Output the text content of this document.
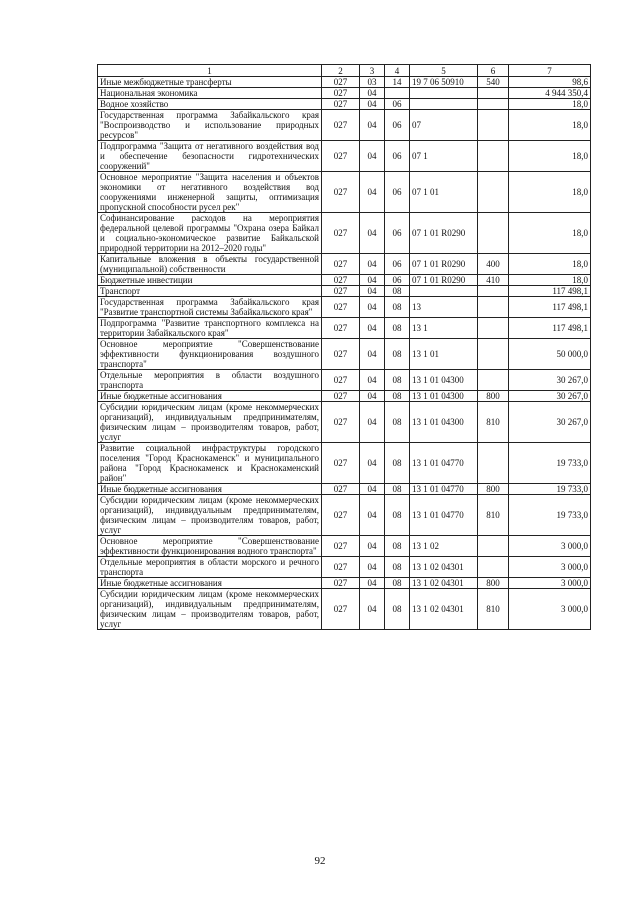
1	2	3	4	5	6	7
Иные межбюджетные трансферты	027	03	14	19 7 06 50910	540	98,6
Национальная экономика	027	04				4 944 350,4
Водное хозяйство	027	04	06			18,0
Государственная программа Забайкальского края "Воспроизводство и использование природных ресурсов"	027	04	06	07		18,0
Подпрограмма "Защита от негативного воздействия вод и обеспечение безопасности гидротехнических сооружений"	027	04	06	07 1		18,0
Основное мероприятие "Защита населения и объектов экономики от негативного воздействия вод сооружениями инженерной защиты, оптимизация пропускной способности русел рек"	027	04	06	07 1 01		18,0
Софинансирование расходов на мероприятия федеральной целевой программы "Охрана озера Байкал и социально-экономическое развитие Байкальской природной территории на 2012–2020 годы"	027	04	06	07 1 01 R0290		18,0
Капитальные вложения в объекты государственной (муниципальной) собственности	027	04	06	07 1 01 R0290	400	18,0
Бюджетные инвестиции	027	04	06	07 1 01 R0290	410	18,0
Транспорт	027	04	08			117 498,1
Государственная программа Забайкальского края "Развитие транспортной системы Забайкальского края"	027	04	08	13		117 498,1
Подпрограмма "Развитие транспортного комплекса на территории Забайкальского края"	027	04	08	13 1		117 498,1
Основное мероприятие "Совершенствование эффективности функционирования воздушного транспорта"	027	04	08	13 1 01		50 000,0
Отдельные мероприятия в области воздушного транспорта	027	04	08	13 1 01 04300		30 267,0
Иные бюджетные ассигнования	027	04	08	13 1 01 04300	800	30 267,0
Субсидии юридическим лицам (кроме некоммерческих организаций), индивидуальным предпринимателям, физическим лицам – производителям товаров, работ, услуг	027	04	08	13 1 01 04300	810	30 267,0
Развитие социальной инфраструктуры городского поселения "Город Краснокаменск" и муниципального района "Город Краснокаменск и Краснокаменский район"	027	04	08	13 1 01 04770		19 733,0
Иные бюджетные ассигнования	027	04	08	13 1 01 04770	800	19 733,0
Субсидии юридическим лицам (кроме некоммерческих организаций), индивидуальным предпринимателям, физическим лицам – производителям товаров, работ, услуг	027	04	08	13 1 01 04770	810	19 733,0
Основное мероприятие "Совершенствование эффективности функционирования водного транспорта"	027	04	08	13 1 02		3 000,0
Отдельные мероприятия в области морского и речного транспорта	027	04	08	13 1 02 04301		3 000,0
Иные бюджетные ассигнования	027	04	08	13 1 02 04301	800	3 000,0
Субсидии юридическим лицам (кроме некоммерческих организаций), индивидуальным предпринимателям, физическим лицам – производителям товаров, работ, услуг	027	04	08	13 1 02 04301	810	3 000,0
92
